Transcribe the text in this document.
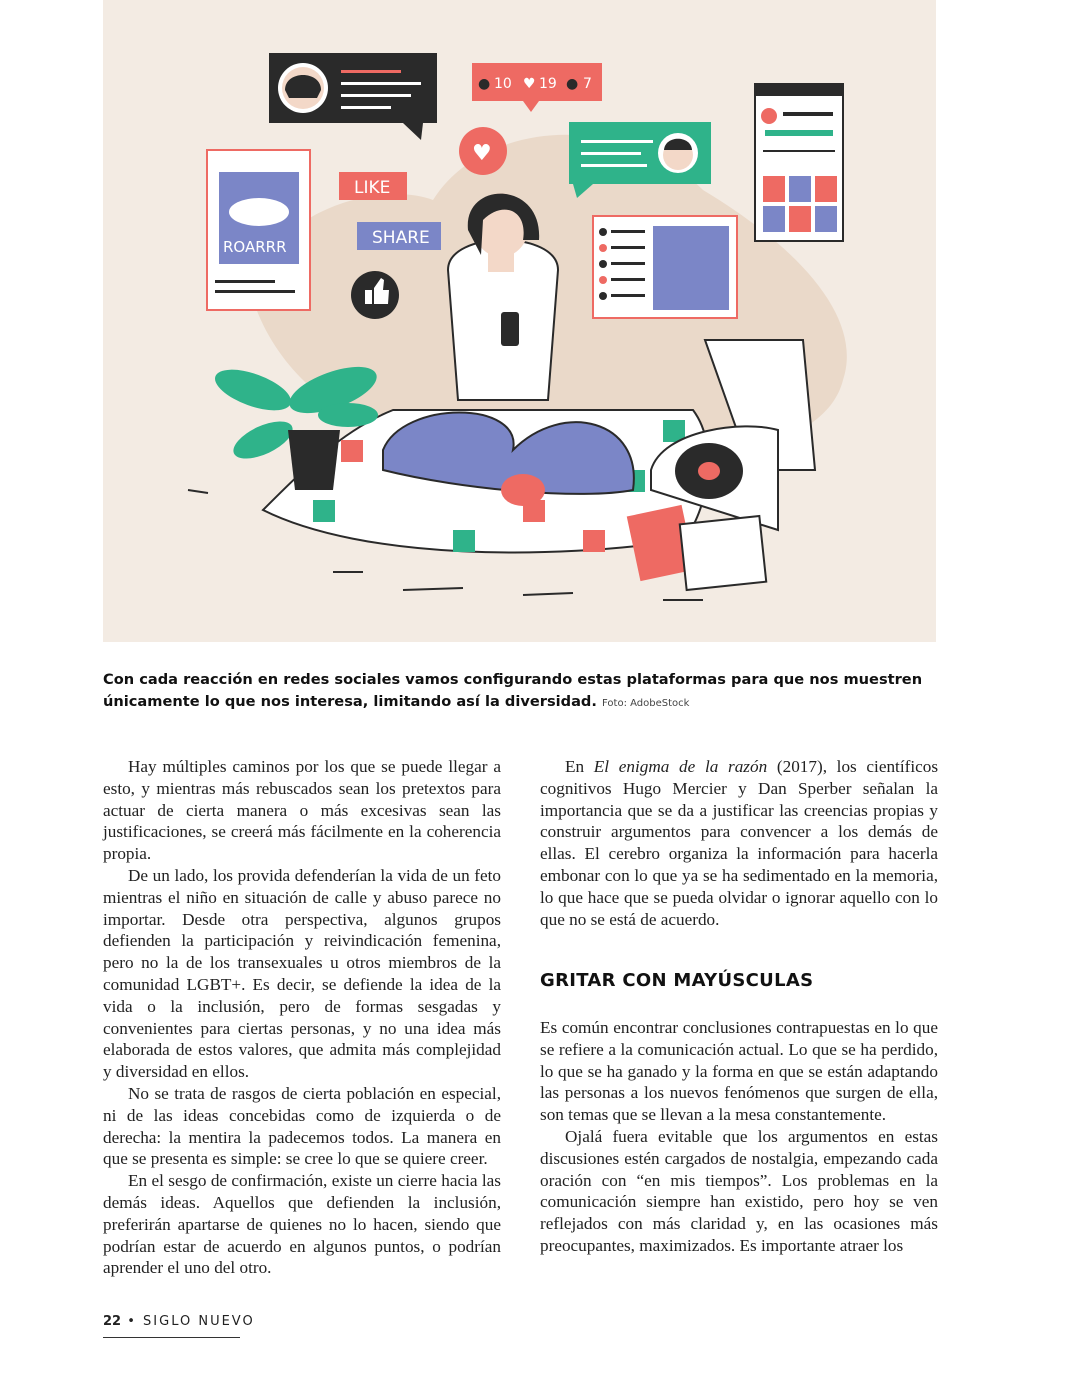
● 10 ♥ 19 ● 7
♥
ROARRR
LIKE
SHARE
Con cada reacción en redes sociales vamos configurando estas plataformas para que nos muestren únicamente lo que nos interesa, limitando así la diversidad. Foto: AdobeStock

Hay múltiples caminos por los que se puede llegar a esto, y mientras más rebuscados sean los pretextos para actuar de cierta manera o más excesivas sean las justificaciones, se creerá más fácilmente en la coherencia propia.

De un lado, los provida defenderían la vida de un feto mientras el niño en situación de calle y abuso parece no importar. Desde otra perspectiva, algunos grupos defienden la participación y reivindicación femenina, pero no la de los transexuales u otros miembros de la comunidad LGBT+. Es decir, se defiende la idea de la vida o la inclusión, pero de formas sesgadas y convenientes para ciertas personas, y no una idea más elaborada de estos valores, que admita más complejidad y diversidad en ellos.

No se trata de rasgos de cierta población en especial, ni de las ideas concebidas como de izquierda o de derecha: la mentira la padecemos todos. La manera en que se presenta es simple: se cree lo que se quiere creer.

En el sesgo de confirmación, existe un cierre hacia las demás ideas. Aquellos que defienden la inclusión, preferirán apartarse de quienes no lo hacen, siendo que podrían estar de acuerdo en algunos puntos, o podrían aprender el uno del otro.

En El enigma de la razón (2017), los científicos cognitivos Hugo Mercier y Dan Sperber señalan la importancia que se da a justificar las creencias propias y construir argumentos para convencer a los demás de ellas. El cerebro organiza la información para hacerla embonar con lo que ya se ha sedimentado en la memoria, lo que hace que se pueda olvidar o ignorar aquello con lo que no se está de acuerdo.

GRITAR CON MAYÚSCULAS

Es común encontrar conclusiones contrapuestas en lo que se refiere a la comunicación actual. Lo que se ha perdido, lo que se ha ganado y la forma en que se están adaptando las personas a los nuevos fenómenos que surgen de ella, son temas que se llevan a la mesa constantemente.

Ojalá fuera evitable que los argumentos en estas discusiones estén cargados de nostalgia, empezando cada oración con “en mis tiempos”. Los problemas en la comunicación siempre han existido, pero hoy se ven reflejados con más claridad y, en las ocasiones más preocupantes, maximizados. Es importante atraer los

22 • SIGLO NUEVO
